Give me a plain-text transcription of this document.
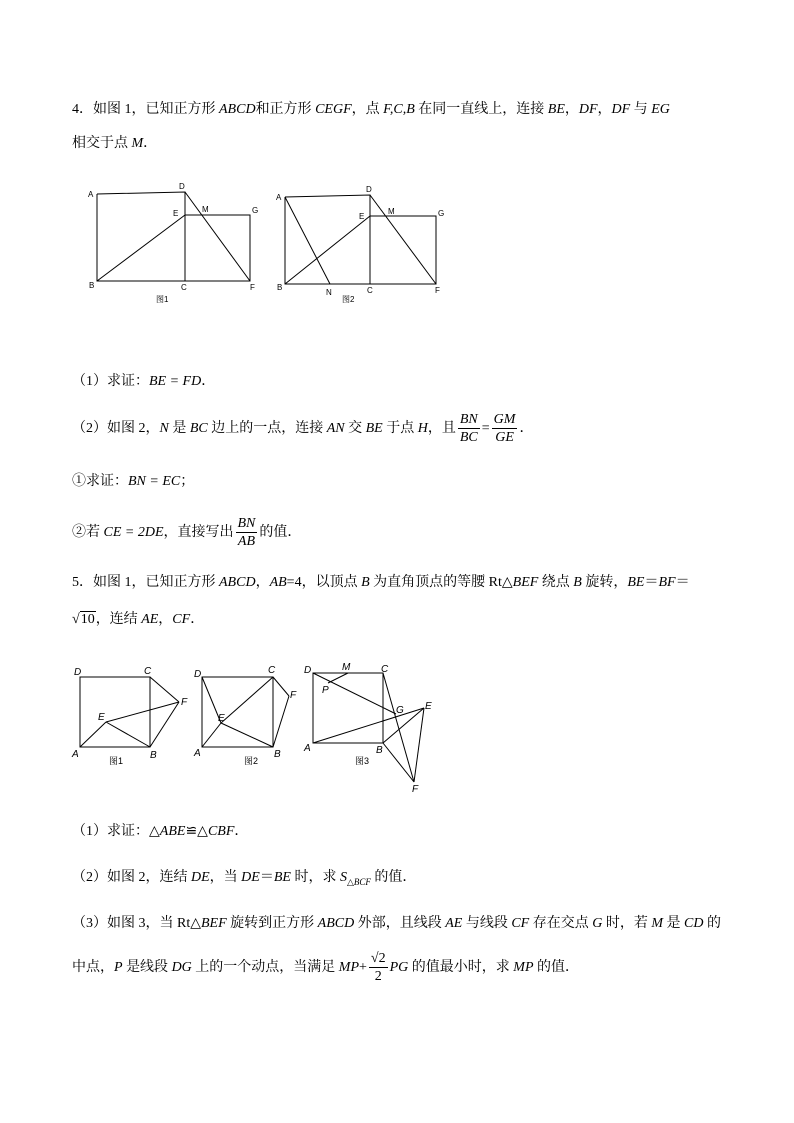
4．如图 1，已知正方形 ABCD和正方形 CEGF，点 F,C,B 在同一直线上，连接 BE，DF，DF 与 EG
相交于点 M．
A
D
E	M	G
B	C	F
图1
A
D
E
M	G
B
N	C	F
图2
（1）求证：BE = FD．
（2）如图 2，N 是 BC 边上的一点，连接 AN 交 BE 于点 H，且 $\frac{BN}{BC} = \frac{GM}{GE}$ ．
①求证：BN = EC；
②若 CE = 2DE，直接写出 $\frac{BN}{AB}$ 的值．
5．如图 1，已知正方形 ABCD，AB=4，以顶点 B 为直角顶点的等腰 Rt△BEF 绕点 B 旋转，BE＝BF＝
√10，连结 AE，CF．
D	C
F
E
A	B
D	C
F
E
A	B
D	M	C
P
G E
A	B
F
图1	图2	图3
（1）求证：△ABE≌△CBF．
（2）如图 2，连结 DE，当 DE＝BE 时，求 $S_{\triangle BCF}$ 的值．
（3）如图 3，当 Rt△BEF 旋转到正方形 ABCD 外部，且线段 AE 与线段 CF 存在交点 G 时，若 M 是 CD 的
中点，P 是线段 DG 上的一个动点，当满足 $MP+ \frac{√2}{2}$ PG 的值最小时，求 MP 的值．
